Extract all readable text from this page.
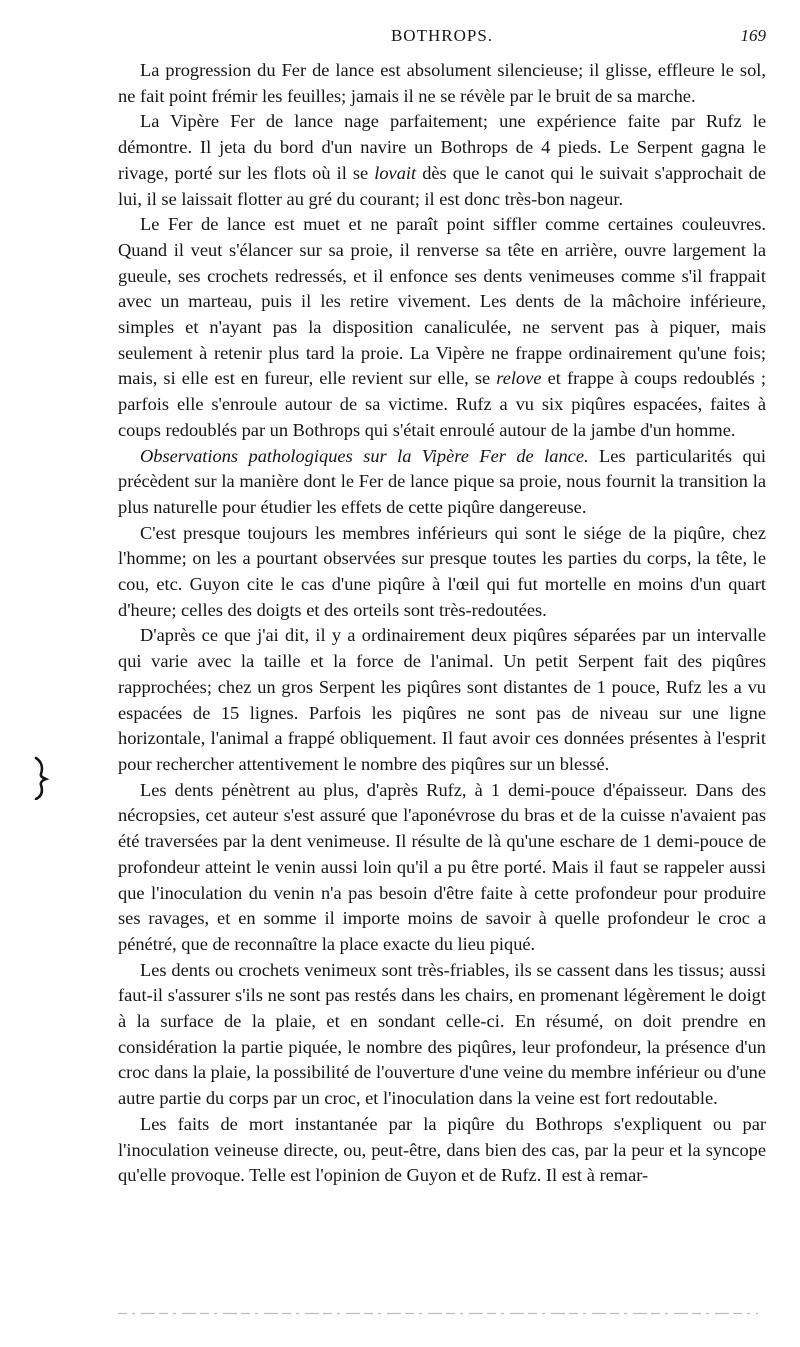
BOTHROPS.	169

La progression du Fer de lance est absolument silencieuse; il glisse, effleure le sol, ne fait point frémir les feuilles; jamais il ne se révèle par le bruit de sa marche.

La Vipère Fer de lance nage parfaitement; une expérience faite par Rufz le démontre. Il jeta du bord d'un navire un Bothrops de 4 pieds. Le Serpent gagna le rivage, porté sur les flots où il se lovait dès que le canot qui le suivait s'approchait de lui, il se laissait flotter au gré du courant; il est donc très-bon nageur.

Le Fer de lance est muet et ne paraît point siffler comme certaines couleuvres. Quand il veut s'élancer sur sa proie, il renverse sa tête en arrière, ouvre largement la gueule, ses crochets redressés, et il enfonce ses dents venimeuses comme s'il frappait avec un marteau, puis il les retire vivement. Les dents de la mâchoire inférieure, simples et n'ayant pas la disposition canaliculée, ne servent pas à piquer, mais seulement à retenir plus tard la proie. La Vipère ne frappe ordinairement qu'une fois; mais, si elle est en fureur, elle revient sur elle, se relove et frappe à coups redoublés ; parfois elle s'enroule autour de sa victime. Rufz a vu six piqûres espacées, faites à coups redoublés par un Bothrops qui s'était enroulé autour de la jambe d'un homme.

Observations pathologiques sur la Vipère Fer de lance. Les particularités qui précèdent sur la manière dont le Fer de lance pique sa proie, nous fournit la transition la plus naturelle pour étudier les effets de cette piqûre dangereuse.

C'est presque toujours les membres inférieurs qui sont le siége de la piqûre, chez l'homme; on les a pourtant observées sur presque toutes les parties du corps, la tête, le cou, etc. Guyon cite le cas d'une piqûre à l'œil qui fut mortelle en moins d'un quart d'heure; celles des doigts et des orteils sont très-redoutées.

D'après ce que j'ai dit, il y a ordinairement deux piqûres séparées par un intervalle qui varie avec la taille et la force de l'animal. Un petit Serpent fait des piqûres rapprochées; chez un gros Serpent les piqûres sont distantes de 1 pouce, Rufz les a vu espacées de 15 lignes. Parfois les piqûres ne sont pas de niveau sur une ligne horizontale, l'animal a frappé obliquement. Il faut avoir ces données présentes à l'esprit pour rechercher attentivement le nombre des piqûres sur un blessé.

Les dents pénètrent au plus, d'après Rufz, à 1 demi-pouce d'épaisseur. Dans des nécropsies, cet auteur s'est assuré que l'aponévrose du bras et de la cuisse n'avaient pas été traversées par la dent venimeuse. Il résulte de là qu'une eschare de 1 demi-pouce de profondeur atteint le venin aussi loin qu'il a pu être porté. Mais il faut se rappeler aussi que l'inoculation du venin n'a pas besoin d'être faite à cette profondeur pour produire ses ravages, et en somme il importe moins de savoir à quelle profondeur le croc a pénétré, que de reconnaître la place exacte du lieu piqué.

Les dents ou crochets venimeux sont très-friables, ils se cassent dans les tissus; aussi faut-il s'assurer s'ils ne sont pas restés dans les chairs, en promenant légèrement le doigt à la surface de la plaie, et en sondant celle-ci. En résumé, on doit prendre en considération la partie piquée, le nombre des piqûres, leur profondeur, la présence d'un croc dans la plaie, la possibilité de l'ouverture d'une veine du membre inférieur ou d'une autre partie du corps par un croc, et l'inoculation dans la veine est fort redoutable.

Les faits de mort instantanée par la piqûre du Bothrops s'expliquent ou par l'inoculation veineuse directe, ou, peut-être, dans bien des cas, par la peur et la syncope qu'elle provoque. Telle est l'opinion de Guyon et de Rufz. Il est à remar-
